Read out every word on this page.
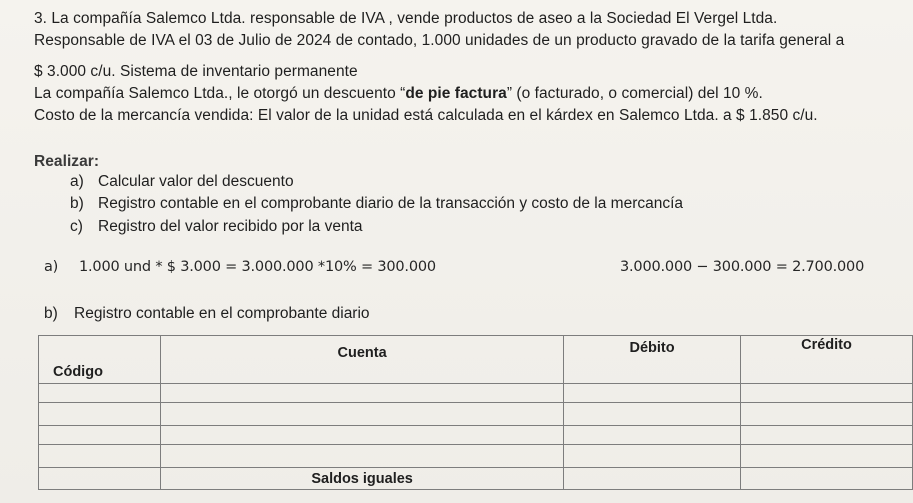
3. La compañía Salemco Ltda. responsable de IVA , vende productos de aseo a la Sociedad El Vergel Ltda.
Responsable de IVA el 03 de Julio de 2024 de contado, 1.000 unidades de un producto gravado de la tarifa general a
$ 3.000 c/u. Sistema de inventario permanente
La compañía Salemco Ltda., le otorgó un descuento “de pie factura” (o facturado, o comercial) del 10 %.
Costo de la mercancía vendida: El valor de la unidad está calculada en el kárdex en Salemco Ltda. a $ 1.850 c/u.
Realizar:
a) Calcular valor del descuento
b) Registro contable en el comprobante diario de la transacción y costo de la mercancía
c) Registro del valor recibido por la venta
a) 1.000 und * $ 3.000 = 3.000.000 *10% = 300.000	3.000.000 − 300.000 = 2.700.000
b) Registro contable en el comprobante diario
Código	Cuenta	Débito	Crédito

	Saldos iguales		
